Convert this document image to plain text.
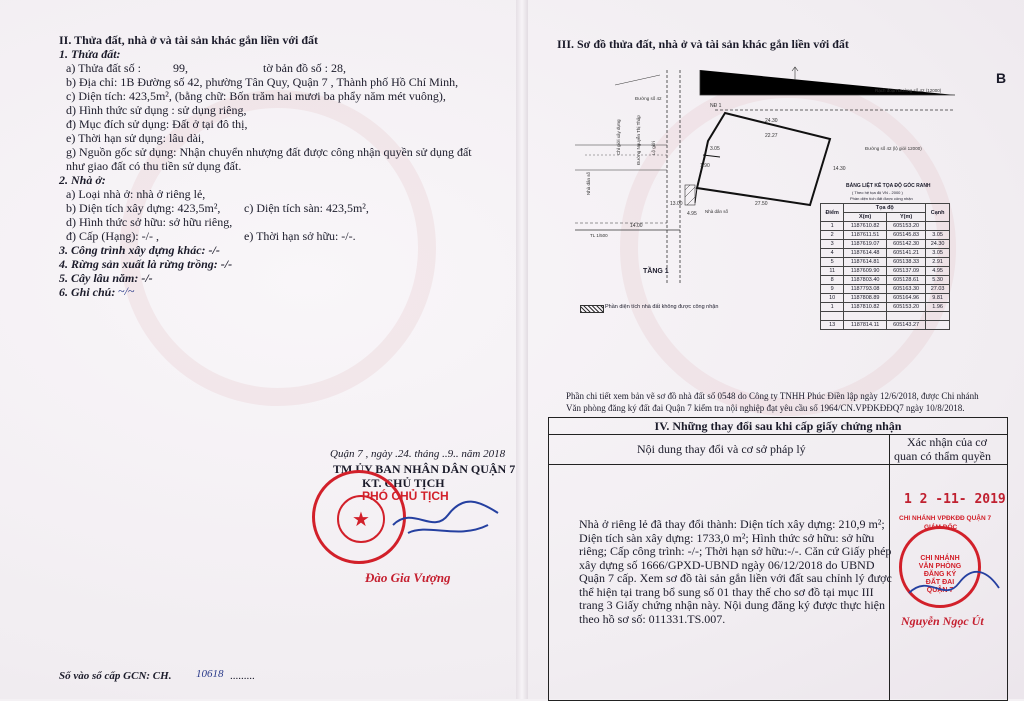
II. Thửa đất, nhà ở và tài sản khác gắn liền với đất
1. Thửa đất:
a) Thửa đất số :	99,	tờ bản đồ số : 28,
b) Địa chỉ: 1B Đường số 42, phường Tân Quy, Quận 7 , Thành phố Hồ Chí Minh,
c) Diện tích: 423,5m², (bằng chữ: Bốn trăm hai mươi ba phẩy năm mét vuông),
d) Hình thức sử dụng : sử dụng riêng,
đ) Mục đích sử dụng: Đất ở tại đô thị,
e) Thời hạn sử dụng: lâu dài,
g) Nguồn gốc sử dụng: Nhận chuyển nhượng đất được công nhận quyền sử dụng đất
như giao đất có thu tiền sử dụng đất.
2. Nhà ở:
a) Loại nhà ở: nhà ở riêng lẻ,
b) Diện tích xây dựng: 423,5m², c) Diện tích sàn: 423,5m²,
d) Hình thức sở hữu: sở hữu riêng,
đ) Cấp (Hạng): -/- ,	e) Thời hạn sở hữu: -/-.
3. Công trình xây dựng khác: -/-
4. Rừng sản xuất là rừng trồng: -/-
5. Cây lâu năm: -/-
6. Ghi chú: ~/~
Quận 7 , ngày .24. tháng ..9.. năm 2018
TM.ỦY BAN NHÂN DÂN QUẬN 7
KT. CHỦ TỊCH
PHÓ CHỦ TỊCH
★
Đào Gia Vượng
Số vào sổ cấp GCN: CH. 10618 .........
III. Sơ đồ thửa đất, nhà ở và tài sản khác gắn liền với đất
B
24.30
22.27
14.30
27.50
3.05
1.90
4.95
14.00
13.00
NĐ 1
Rạch đoạn Đường số 42 (12000)
Đường số 42 (lộ giới 12000)
Đường số 42
Chỉ giới xây dựng	Đường Nguyễn Thị Thập Lộ giới
Nhà dân số
Nhà dân số
TL 1/500
TẦNG 1
Phần diện tích nhà đất không được công nhận
BẢNG LIỆT KÊ TỌA ĐỘ GÓC RANH
( Theo hệ tọa độ VN - 2000 )
Phần diện tích đất được công nhận
Điểm	Tọa độ		Cạnh
	X(m)	Y(m)	
1	1187610.82	605153.20	
2	1187611.51	605145.83	3.05
3	1187619.07	605142.30	24.30
4	1187614.48	605141.21	3.05
5	1187614.81	605138.33	2.91
11	1187609.90	605137.09	4.95
8	1187803.40	605128.61	5.30
9	1187793.08	605163.30	27.03
10	1187808.89	605164.96	9.81
1	1187810.82	605153.20	1.96

13	1187814.11	605143.27	
Phần chi tiết xem bản vẽ sơ đồ nhà đất số 0548 do Công ty TNHH Phúc Điền lập ngày 12/6/2018, được Chi nhánh
Văn phòng đăng ký đất đai Quận 7 kiểm tra nội nghiệp đạt yêu cầu số 1964/CN.VPĐKĐĐQ7 ngày 10/8/2018.
IV. Những thay đổi sau khi cấp giấy chứng nhận
Nội dung thay đổi và cơ sở pháp lý	Xác nhận của cơ
quan có thẩm quyền
Nhà ở riêng lẻ đã thay đổi thành: Diện tích xây dựng: 210,9 m²;
Diện tích sàn xây dựng: 1733,0 m²; Hình thức sở hữu: sở hữu
riêng; Cấp công trình: -/-; Thời hạn sở hữu:-/-. Căn cứ Giấy phép
xây dựng số 1666/GPXD-UBND ngày 06/12/2018 do UBND
Quận 7 cấp. Xem sơ đồ tài sản gắn liền với đất sau chỉnh lý được
thể hiện tại trang bổ sung số 01 thay thế cho sơ đồ tại mục III
trang 3 Giấy chứng nhận này. Nội dung đăng ký được thực hiện
theo hồ sơ số: 011331.TS.007.
1 2 -11- 2019
CHI NHÁNH VPĐKĐĐ QUẬN 7
GIÁM ĐỐC
CHI NHÁNH VĂN PHÒNG ĐĂNG KÝ ĐẤT ĐAI QUẬN 7
Nguyễn Ngọc Út
